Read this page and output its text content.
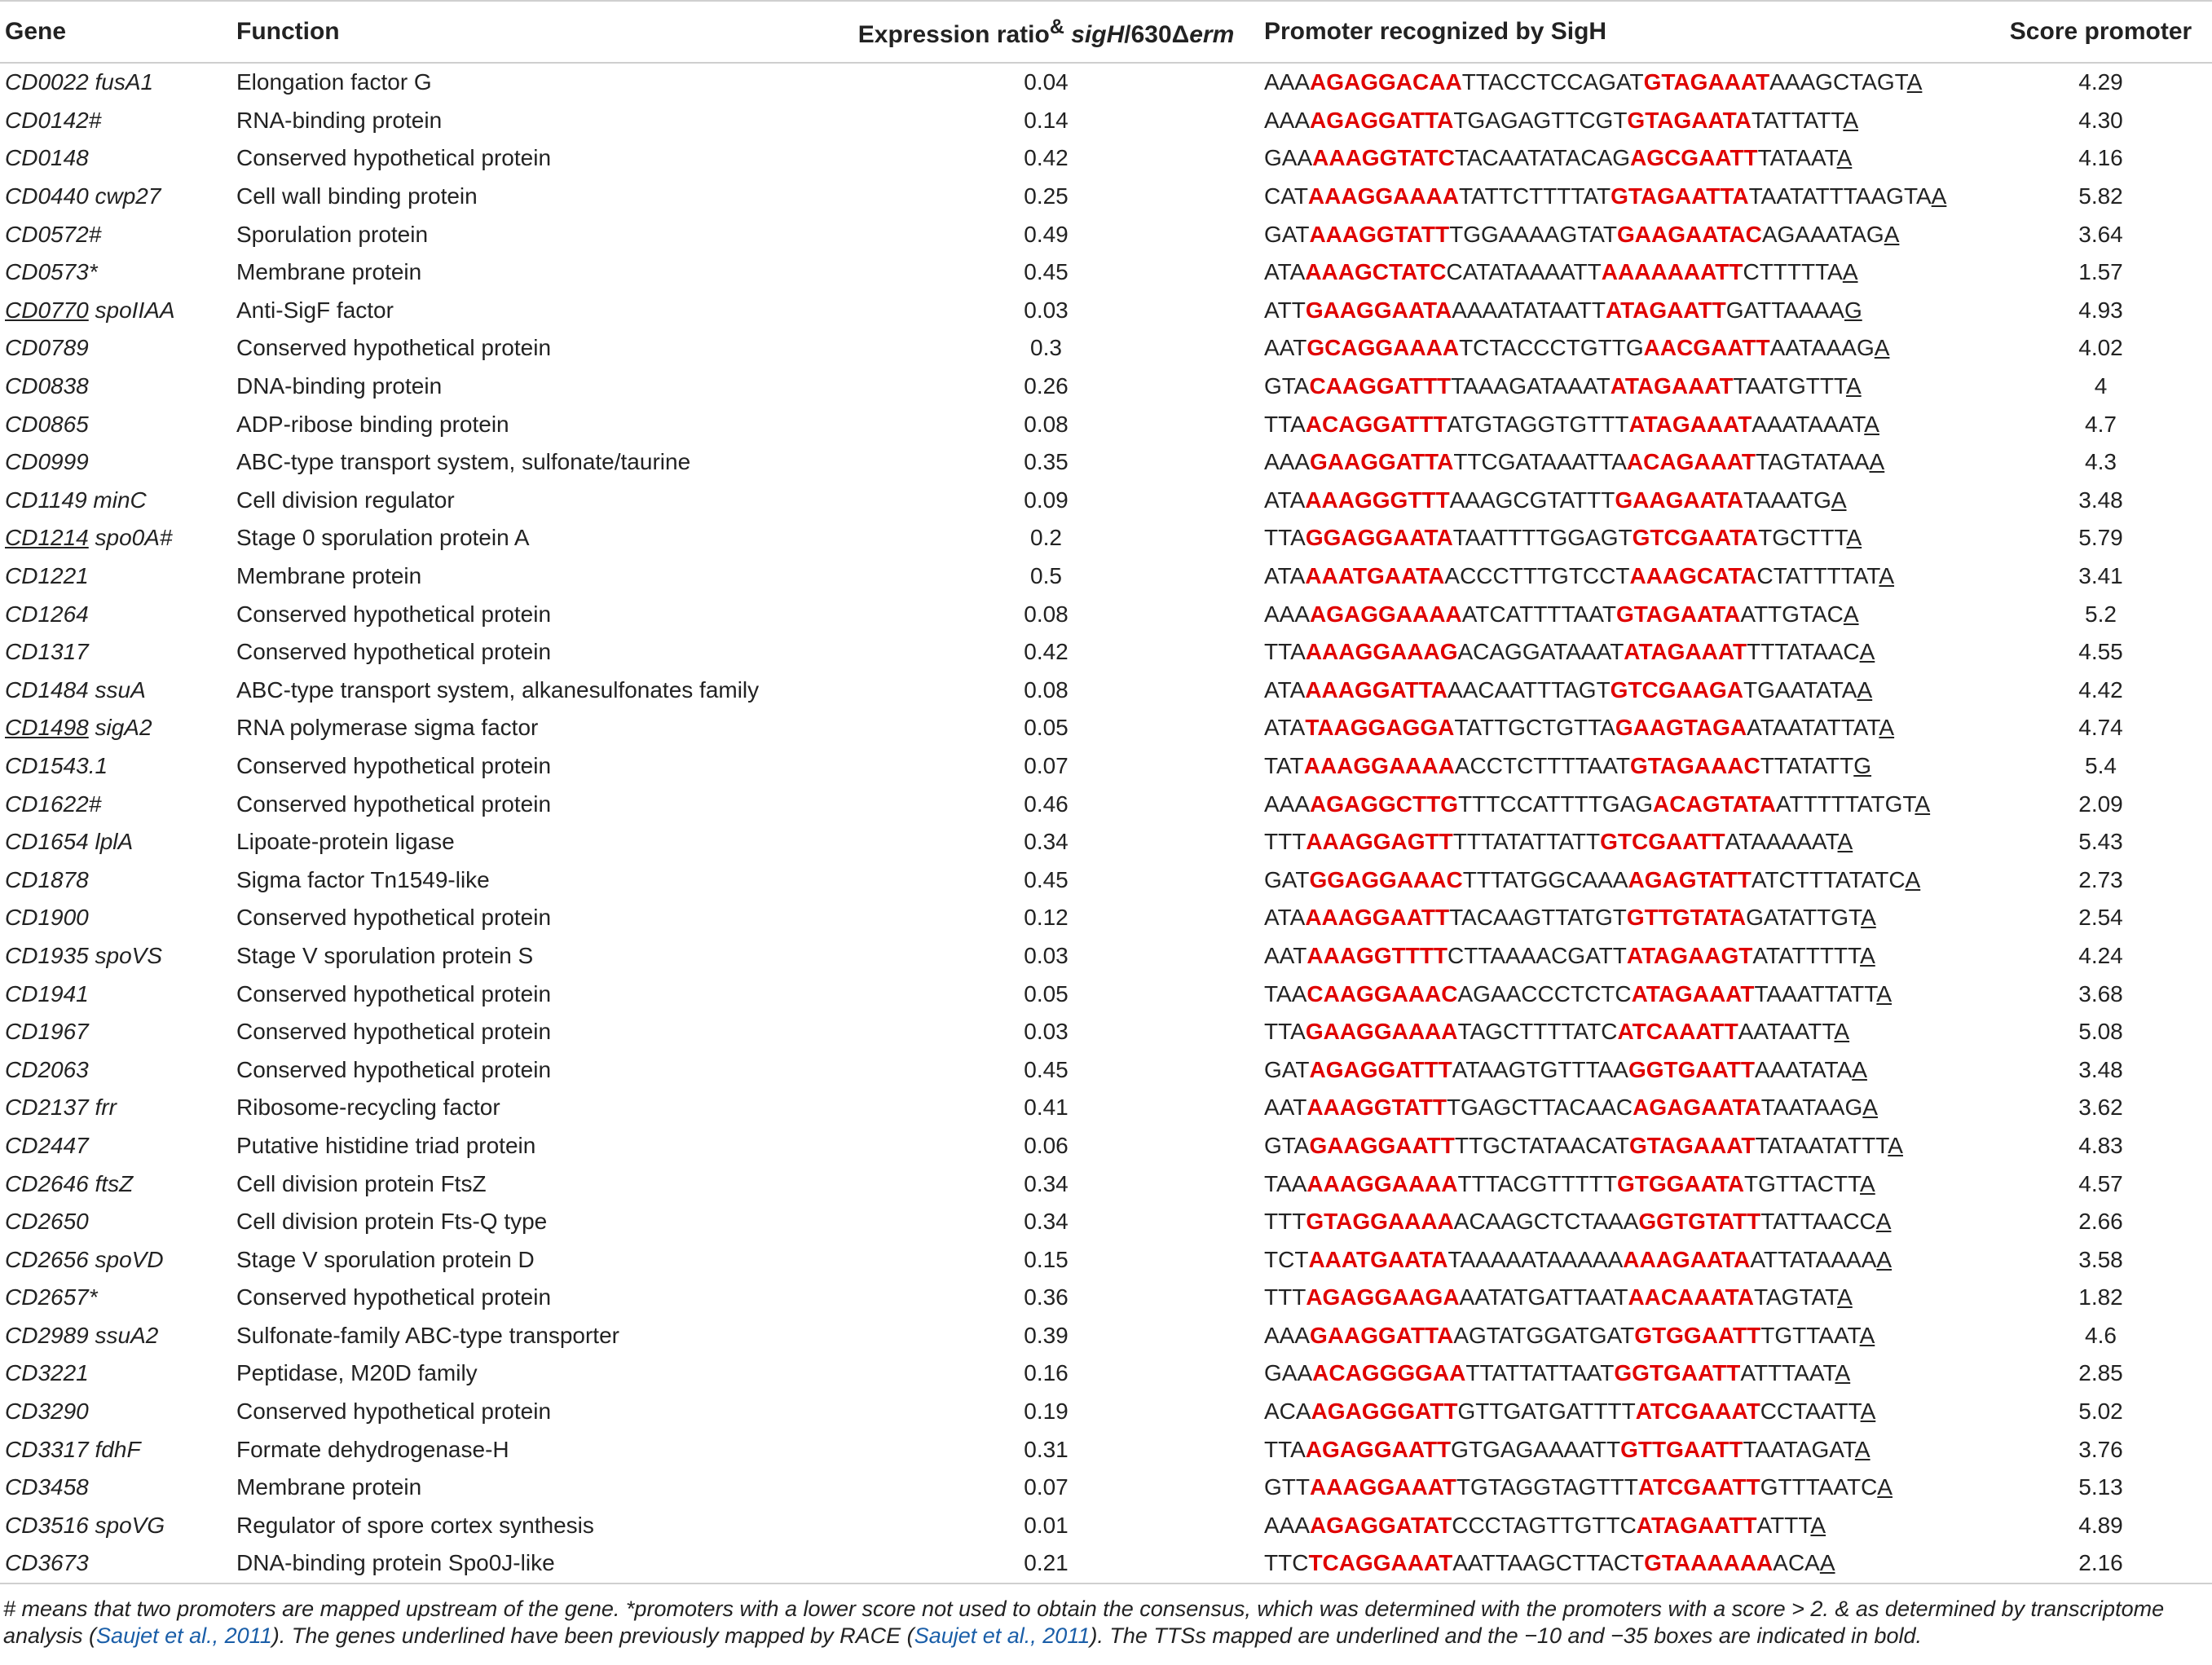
Gene	Function	Expression ratio& sigH/630Δerm	Promoter recognized by SigH	Score promoter
CD0022 fusA1	Elongation factor G	0.04	AAAAGAGGACAATTACCTCCAGATGTAGAAATAAAGCTAGTA	4.29
CD0142#	RNA-binding protein	0.14	AAAAGAGGATTATGAGAGTTCGTGTAGAATATATTATTA	4.30
CD0148	Conserved hypothetical protein	0.42	GAAAAAGGTATCTACAATATACAGAGCGAATTTATAATA	4.16
CD0440 cwp27	Cell wall binding protein	0.25	CATAAAGGAAAATATTCTTTTATGTAGAATTATAATATTTAAGTAA	5.82
CD0572#	Sporulation protein	0.49	GATAAAGGTATTTGGAAAAGTATGAAGAATACAGAAATAGA	3.64
CD0573*	Membrane protein	0.45	ATAAAAGCTATCCATATAAAATTAAAAAAATTCTTTTTAA	1.57
CD0770 spoIIAA	Anti-SigF factor	0.03	ATTGAAGGAATAAAAATATAATTATAGAATTGATTAAAAG	4.93
CD0789	Conserved hypothetical protein	0.3	AATGCAGGAAAATCTACCCTGTTGAACGAATTAATAAAGA	4.02
CD0838	DNA-binding protein	0.26	GTACAAGGATTTTAAAGATAAATATAGAAATTAATGTTTA	4
CD0865	ADP-ribose binding protein	0.08	TTAACAGGATTTATGTAGGTGTTTATAGAAATAAATAAATA	4.7
CD0999	ABC-type transport system, sulfonate/taurine	0.35	AAAGAAGGATTATTCGATAAATTAACAGAAATTAGTATAAA	4.3
CD1149 minC	Cell division regulator	0.09	ATAAAAGGGTTTAAAGCGTATTTGAAGAATATAAATGA	3.48
CD1214 spo0A#	Stage 0 sporulation protein A	0.2	TTAGGAGGAATATAATTTTGGAGTGTCGAATATGCTTTA	5.79
CD1221	Membrane protein	0.5	ATAAAATGAATAACCCTTTGTCCTAAAGCATACTATTTTATA	3.41
CD1264	Conserved hypothetical protein	0.08	AAAAGAGGAAAAATCATTTTAATGTAGAATAATTGTACA	5.2
CD1317	Conserved hypothetical protein	0.42	TTAAAAGGAAAGACAGGATAAATATAGAAATTTTATAACA	4.55
CD1484 ssuA	ABC-type transport system, alkanesulfonates family	0.08	ATAAAAGGATTAAACAATTTAGTGTCGAAGATGAATATAA	4.42
CD1498 sigA2	RNA polymerase sigma factor	0.05	ATATAAGGAGGATATTGCTGTTAGAAGTAGAATAATATTATA	4.74
CD1543.1	Conserved hypothetical protein	0.07	TATAAAGGAAAAACCTCTTTTAATGTAGAAACTTATATTG	5.4
CD1622#	Conserved hypothetical protein	0.46	AAAAGAGGCTTGTTTCCATTTTGAGACAGTATAATTTTTATGTA	2.09
CD1654 lplA	Lipoate-protein ligase	0.34	TTTAAAGGAGTTTTTATATTATTGTCGAATTATAAAAATA	5.43
CD1878	Sigma factor Tn1549-like	0.45	GATGGAGGAAACTTTATGGCAAAAGAGTATTATCTTTATATCA	2.73
CD1900	Conserved hypothetical protein	0.12	ATAAAAGGAATTTACAAGTTATGTGTTGTATAGATATTGTA	2.54
CD1935 spoVS	Stage V sporulation protein S	0.03	AATAAAGGTTTTCTTAAAACGATTATAGAAGTATATTTTTA	4.24
CD1941	Conserved hypothetical protein	0.05	TAACAAGGAAACAGAACCCTCTCATAGAAATTAAATTATTA	3.68
CD1967	Conserved hypothetical protein	0.03	TTAGAAGGAAAATAGCTTTTATCATCAAATTAATAATTA	5.08
CD2063	Conserved hypothetical protein	0.45	GATAGAGGATTTATAAGTGTTTAAGGTGAATTAAATATAA	3.48
CD2137 frr	Ribosome-recycling factor	0.41	AATAAAGGTATTTGAGCTTACAACAGAGAATATAATAAGA	3.62
CD2447	Putative histidine triad protein	0.06	GTAGAAGGAATTTTGCTATAACATGTAGAAATTATAATATTTA	4.83
CD2646 ftsZ	Cell division protein FtsZ	0.34	TAAAAAGGAAAATTTACGTTTTTGTGGAATATGTTACTTA	4.57
CD2650	Cell division protein Fts-Q type	0.34	TTTGTAGGAAAAACAAGCTCTAAAGGTGTATTTATTAACCA	2.66
CD2656 spoVD	Stage V sporulation protein D	0.15	TCTAAATGAATATAAAAATAAAAAAAAGAATAATTATAAAAA	3.58
CD2657*	Conserved hypothetical protein	0.36	TTTAGAGGAAGAAATATGATTAATAACAAATATAGTATA	1.82
CD2989 ssuA2	Sulfonate-family ABC-type transporter	0.39	AAAGAAGGATTAAGTATGGATGATGTGGAATTTGTTAATA	4.6
CD3221	Peptidase, M20D family	0.16	GAAACAGGGGAATTATTATTAATGGTGAATTATTTAATA	2.85
CD3290	Conserved hypothetical protein	0.19	ACAAGAGGGATTGTTGATGATTTTATCGAAATCCTAATTA	5.02
CD3317 fdhF	Formate dehydrogenase-H	0.31	TTAAGAGGAATTGTGAGAAAATTGTTGAATTTAATAGATA	3.76
CD3458	Membrane protein	0.07	GTTAAAGGAAATTGTAGGTAGTTTATCGAATTGTTTAATCA	5.13
CD3516 spoVG	Regulator of spore cortex synthesis	0.01	AAAAGAGGATATCCCTAGTTGTTCATAGAATTATTTA	4.89
CD3673	DNA-binding protein Spo0J-like	0.21	TTCTCAGGAAATAATTAAGCTTACTGTAAAAAAACAA	2.16
# means that two promoters are mapped upstream of the gene. *promoters with a lower score not used to obtain the consensus, which was determined with the promoters with a score > 2. & as determined by transcriptome analysis (Saujet et al., 2011). The genes underlined have been previously mapped by RACE (Saujet et al., 2011). The TTSs mapped are underlined and the −10 and −35 boxes are indicated in bold.
